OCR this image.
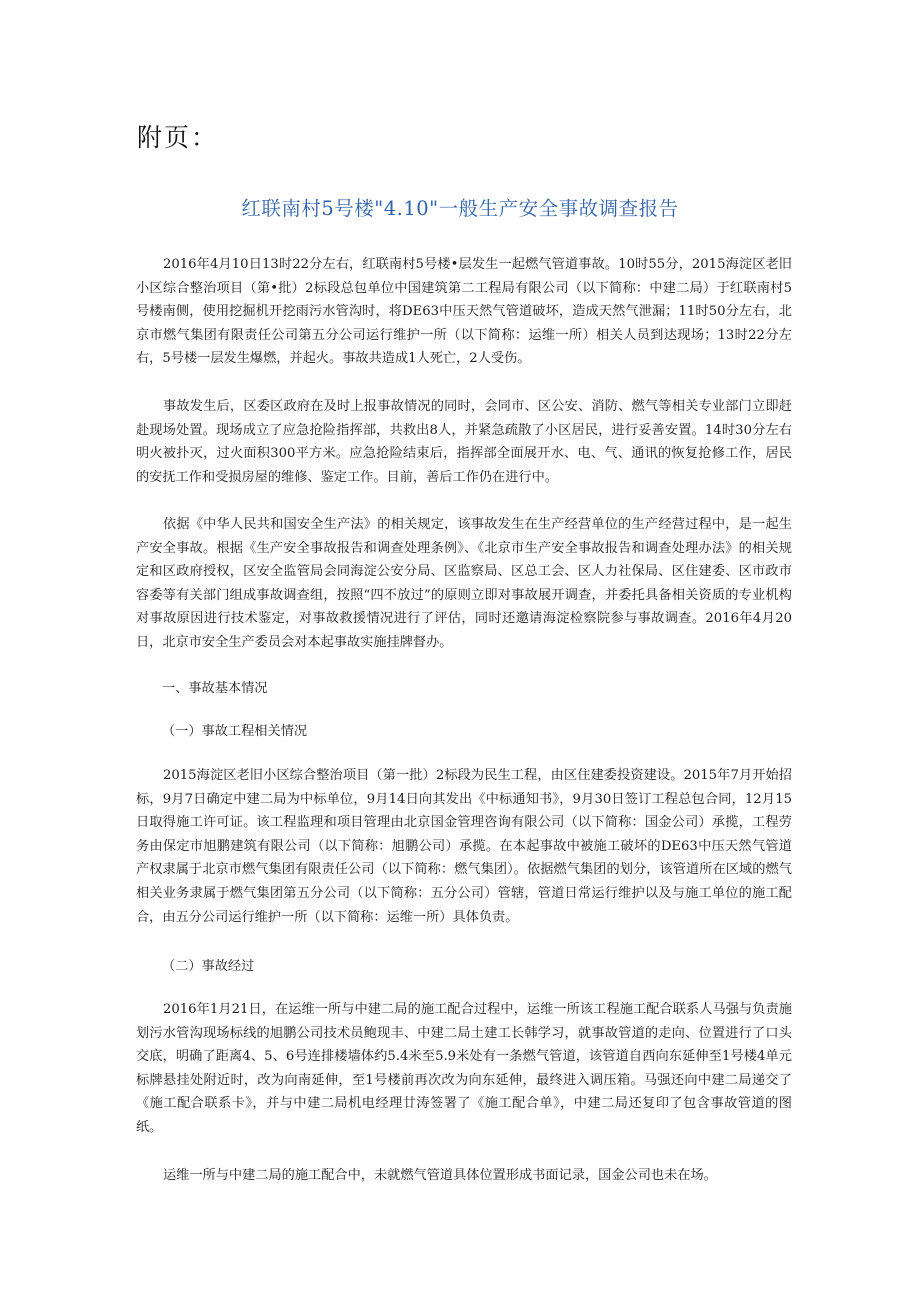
附页：
红联南村5号楼"4.10"一般生产安全事故调查报告

2016年4月10日13时22分左右，红联南村5号楼•层发生一起燃气管道事故。10时55分，2015海淀区老旧小区综合整治项目（第•批）2标段总包单位中国建筑第二工程局有限公司（以下简称：中建二局）于红联南村5号楼南侧，使用挖掘机开挖雨污水管沟时，将DE63中压天然气管道破坏，造成天然气泄漏；11时50分左右，北京市燃气集团有限责任公司第五分公司运行维护一所（以下简称：运维一所）相关人员到达现场；13时22分左右，5号楼一层发生爆燃，并起火。事故共造成1人死亡，2人受伤。

事故发生后，区委区政府在及时上报事故情况的同时，会同市、区公安、消防、燃气等相关专业部门立即赶赴现场处置。现场成立了应急抢险指挥部，共救出8人，并紧急疏散了小区居民，进行妥善安置。14时30分左右明火被扑灭，过火面积300平方米。应急抢险结束后，指挥部全面展开水、电、气、通讯的恢复抢修工作，居民的安抚工作和受损房屋的维修、鉴定工作。目前，善后工作仍在进行中。

依据《中华人民共和国安全生产法》的相关规定，该事故发生在生产经营单位的生产经营过程中，是一起生产安全事故。根据《生产安全事故报告和调查处理条例》、《北京市生产安全事故报告和调查处理办法》的相关规定和区政府授权，区安全监管局会同海淀公安分局、区监察局、区总工会、区人力社保局、区住建委、区市政市容委等有关部门组成事故调查组，按照“四不放过”的原则立即对事故展开调查，并委托具备相关资质的专业机构对事故原因进行技术鉴定，对事故救援情况进行了评估，同时还邀请海淀检察院参与事故调查。2016年4月20日，北京市安全生产委员会对本起事故实施挂牌督办。

一、事故基本情况

（一）事故工程相关情况

2015海淀区老旧小区综合整治项目（第一批）2标段为民生工程，由区住建委投资建设。2015年7月开始招标，9月7日确定中建二局为中标单位，9月14日向其发出《中标通知书》，9月30日签订工程总包合同，12月15日取得施工许可证。该工程监理和项目管理由北京国金管理咨询有限公司（以下简称：国金公司）承揽，工程劳务由保定市旭鹏建筑有限公司（以下简称：旭鹏公司）承揽。在本起事故中被施工破坏的DE63中压天然气管道产权隶属于北京市燃气集团有限责任公司（以下简称：燃气集团）。依据燃气集团的划分，该管道所在区域的燃气相关业务隶属于燃气集团第五分公司（以下简称：五分公司）管辖，管道日常运行维护以及与施工单位的施工配合，由五分公司运行维护一所（以下简称：运维一所）具体负责。

（二）事故经过

2016年1月21日，在运维一所与中建二局的施工配合过程中，运维一所该工程施工配合联系人马强与负责施划污水管沟现场标线的旭鹏公司技术员鲍现丰、中建二局土建工长韩学习，就事故管道的走向、位置进行了口头交底，明确了距离4、5、6号连排楼墙体约5.4米至5.9米处有一条燃气管道，该管道自西向东延伸至1号楼4单元标牌悬挂处附近时，改为向南延伸，至1号楼前再次改为向东延伸，最终进入调压箱。马强还向中建二局递交了《施工配合联系卡》，并与中建二局机电经理廿涛签署了《施工配合单》，中建二局还复印了包含事故管道的图纸。

运维一所与中建二局的施工配合中，未就燃气管道具体位置形成书面记录，国金公司也未在场。
